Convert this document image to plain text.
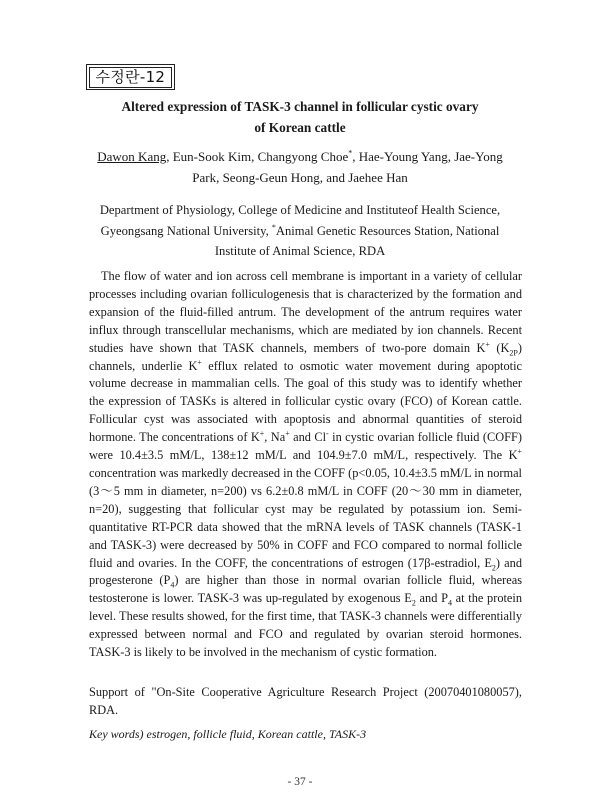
수정란-12
Altered expression of TASK-3 channel in follicular cystic ovary
of Korean cattle
Dawon Kang, Eun-Sook Kim, Changyong Choe*, Hae-Young Yang, Jae-Yong
Park, Seong-Geun Hong, and Jaehee Han
Department of Physiology, College of Medicine and Instituteof Health Science,
Gyeongsang National University, *Animal Genetic Resources Station, National
Institute of Animal Science, RDA

The flow of water and ion across cell membrane is important in a variety of cellular processes including ovarian folliculogenesis that is characterized by the formation and expansion of the fluid-filled antrum. The development of the antrum requires water influx through transcellular mechanisms, which are mediated by ion channels. Recent studies have shown that TASK channels, members of two-pore domain K+ $(K_{2P})$ channels, underlie K+ efflux related to osmotic water movement during apoptotic volume decrease in mammalian cells. The goal of this study was to identify whether the expression of TASKs is altered in follicular cystic ovary (FCO) of Korean cattle. Follicular cyst was associated with apoptosis and abnormal quantities of steroid hormone. The concentrations of K+, Na+ and Cl- in cystic ovarian follicle fluid (COFF) were 10.4±3.5 mM/L, 138±12 mM/L and 104.9±7.0 mM/L, respectively. The K+ concentration was markedly decreased in the COFF (p<0.05, 10.4±3.5 mM/L in normal (3～5 mm in diameter, n=200) vs 6.2±0.8 mM/L in COFF (20～30 mm in diameter, n=20), suggesting that follicular cyst may be regulated by potassium ion. Semi-quantitative RT-PCR data showed that the mRNA levels of TASK channels (TASK-1 and TASK-3) were decreased by 50% in COFF and FCO compared to normal follicle fluid and ovaries. In the COFF, the concentrations of estrogen (17β-estradiol, $E_2$) and progesterone $(P_4)$ are higher than those in normal ovarian follicle fluid, whereas testosterone is lower. TASK-3 was up-regulated by exogenous $E_2$ and $P_4$ at the protein level. These results showed, for the first time, that TASK-3 channels were differentially expressed between normal and FCO and regulated by ovarian steroid hormones. TASK-3 is likely to be involved in the mechanism of cystic formation.

Support of "On-Site Cooperative Agriculture Research Project (20070401080057), RDA.
Key words) estrogen, follicle fluid, Korean cattle, TASK-3
- 37 -
